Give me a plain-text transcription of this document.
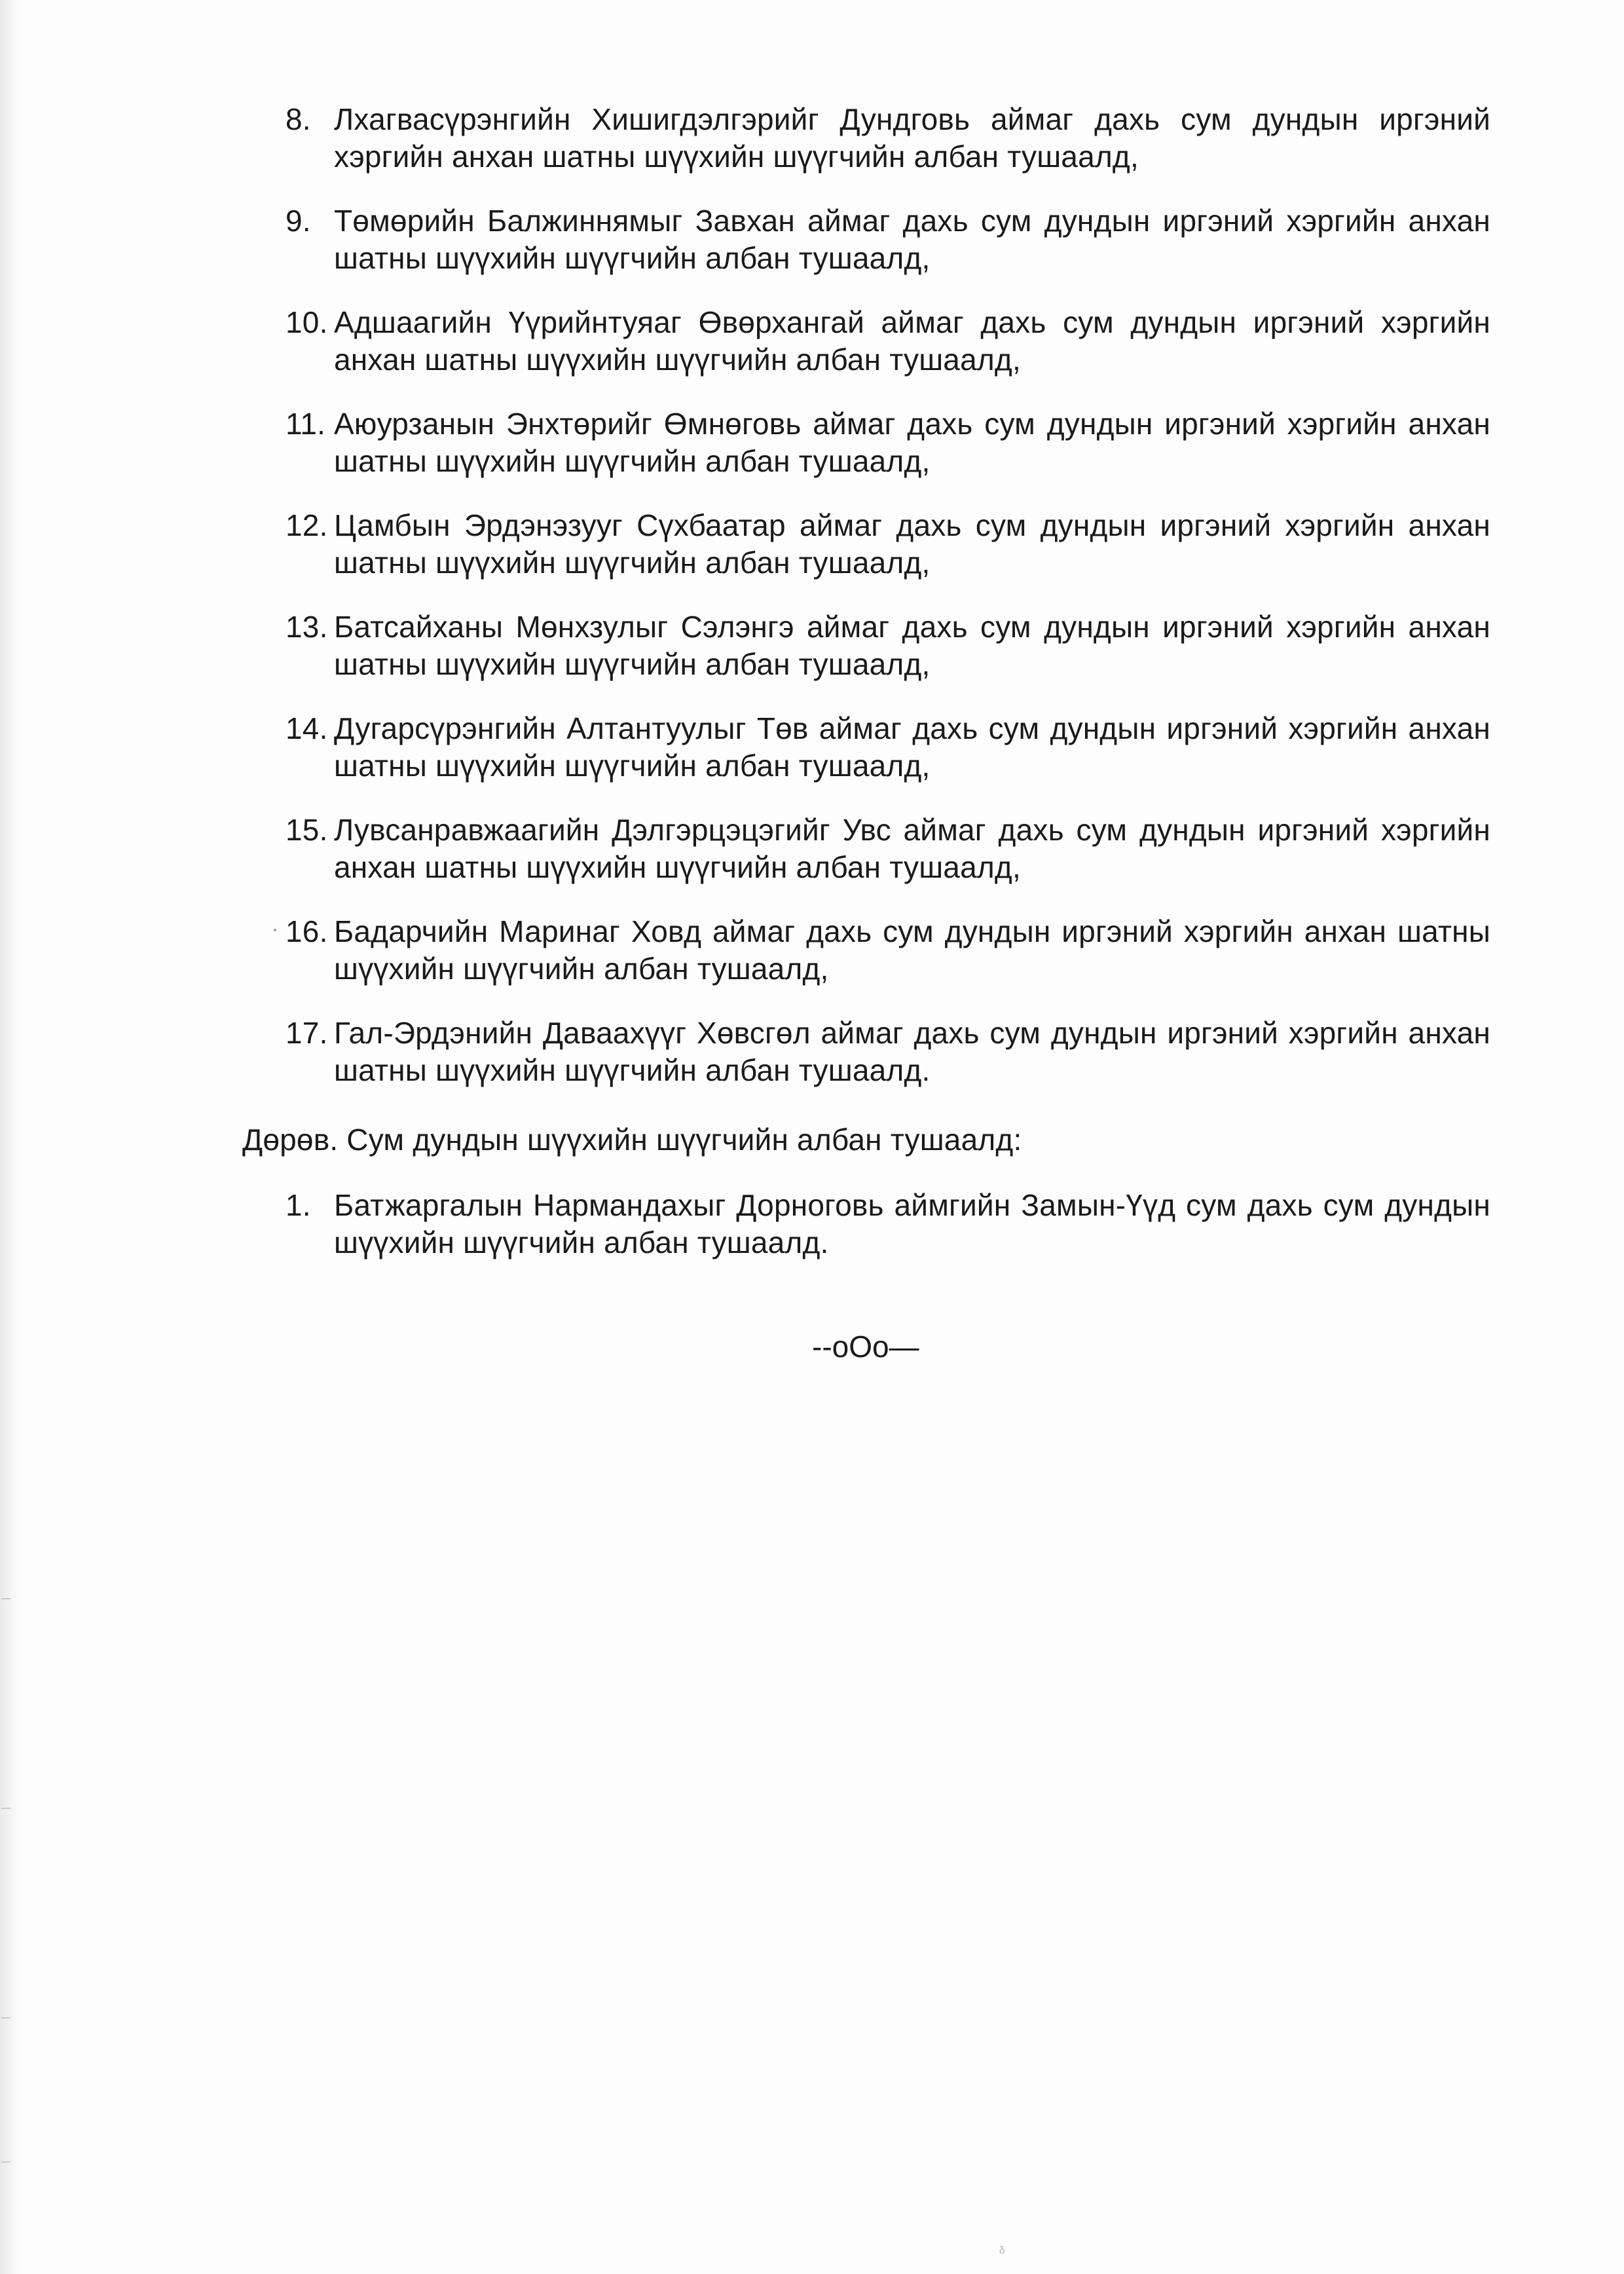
8. Лхагвасүрэнгийн Хишигдэлгэрийг Дундговь аймаг дахь сум дундын иргэний хэргийн анхан шатны шүүхийн шүүгчийн албан тушаалд,
9. Төмөрийн Балжиннямыг Завхан аймаг дахь сум дундын иргэний хэргийн анхан шатны шүүхийн шүүгчийн албан тушаалд,
10. Адшаагийн Үүрийнтуяаг Өвөрхангай аймаг дахь сум дундын иргэний хэргийн анхан шатны шүүхийн шүүгчийн албан тушаалд,
11. Аюурзанын Энхтөрийг Өмнөговь аймаг дахь сум дундын иргэний хэргийн анхан шатны шүүхийн шүүгчийн албан тушаалд,
12. Цамбын Эрдэнэзууг Сүхбаатар аймаг дахь сум дундын иргэний хэргийн анхан шатны шүүхийн шүүгчийн албан тушаалд,
13. Батсайханы Мөнхзулыг Сэлэнгэ аймаг дахь сум дундын иргэний хэргийн анхан шатны шүүхийн шүүгчийн албан тушаалд,
14. Дугарсүрэнгийн Алтантуулыг Төв аймаг дахь сум дундын иргэний хэргийн анхан шатны шүүхийн шүүгчийн албан тушаалд,
15. Лувсанравжаагийн Дэлгэрцэцэгийг Увс аймаг дахь сум дундын иргэний хэргийн анхан шатны шүүхийн шүүгчийн албан тушаалд,
16. Бадарчийн Маринаг Ховд аймаг дахь сум дундын иргэний хэргийн анхан шатны шүүхийн шүүгчийн албан тушаалд,
17. Гал-Эрдэнийн Даваахүүг Хөвсгөл аймаг дахь сум дундын иргэний хэргийн анхан шатны шүүхийн шүүгчийн албан тушаалд.
Дөрөв. Сум дундын шүүхийн шүүгчийн албан тушаалд:
1. Батжаргалын Нармандахыг Дорноговь аймгийн Замын-Үүд сум дахь сум дундын шүүхийн шүүгчийн албан тушаалд.
--oOo—
ᵟ
